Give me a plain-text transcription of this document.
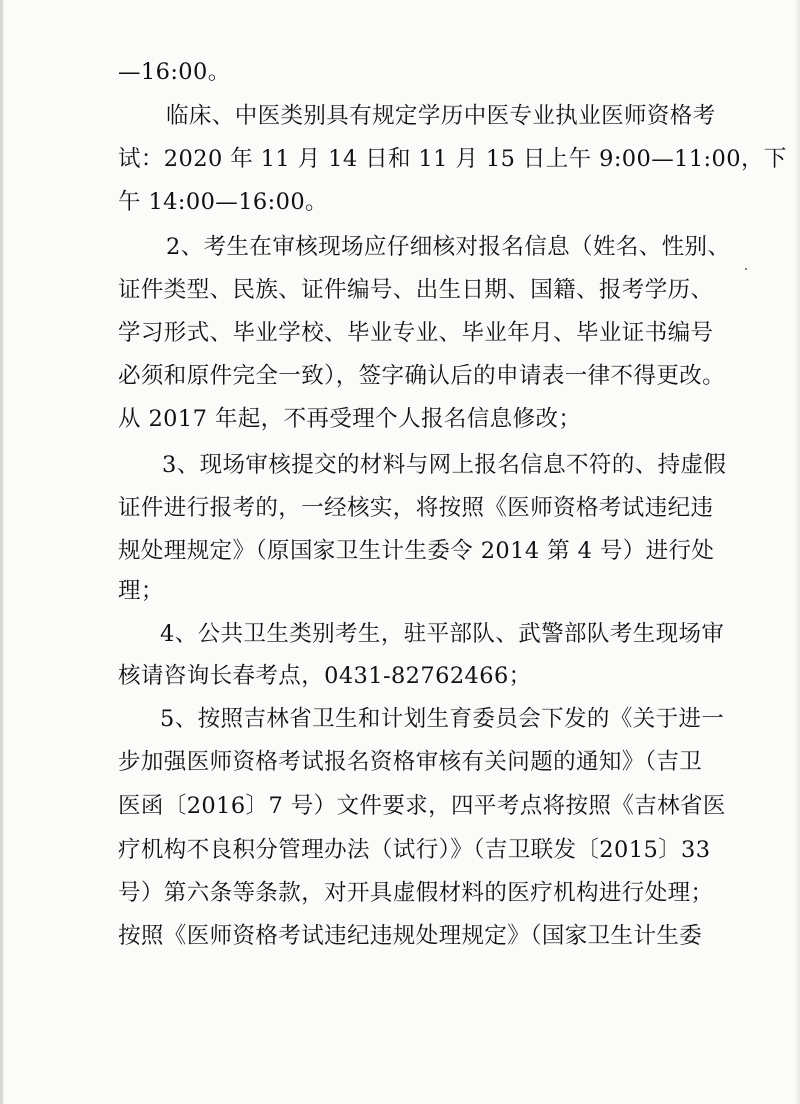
—16:00。
临床、中医类别具有规定学历中医专业执业医师资格考
试：2020 年 11 月 14 日和 11 月 15 日上午 9:00—11:00，下
午 14:00—16:00。
2、考生在审核现场应仔细核对报名信息（姓名、性别、
证件类型、民族、证件编号、出生日期、国籍、报考学历、
学习形式、毕业学校、毕业专业、毕业年月、毕业证书编号
必须和原件完全一致），签字确认后的申请表一律不得更改。
从 2017 年起，不再受理个人报名信息修改；
3、现场审核提交的材料与网上报名信息不符的、持虚假
证件进行报考的，一经核实，将按照《医师资格考试违纪违
规处理规定》（原国家卫生计生委令 2014 第 4 号）进行处
理；
4、公共卫生类别考生，驻平部队、武警部队考生现场审
核请咨询长春考点，0431-82762466；
5、按照吉林省卫生和计划生育委员会下发的《关于进一
步加强医师资格考试报名资格审核有关问题的通知》（吉卫
医函〔2016〕7 号）文件要求，四平考点将按照《吉林省医
疗机构不良积分管理办法（试行）》（吉卫联发〔2015〕33
号）第六条等条款，对开具虚假材料的医疗机构进行处理；
按照《医师资格考试违纪违规处理规定》（国家卫生计生委
